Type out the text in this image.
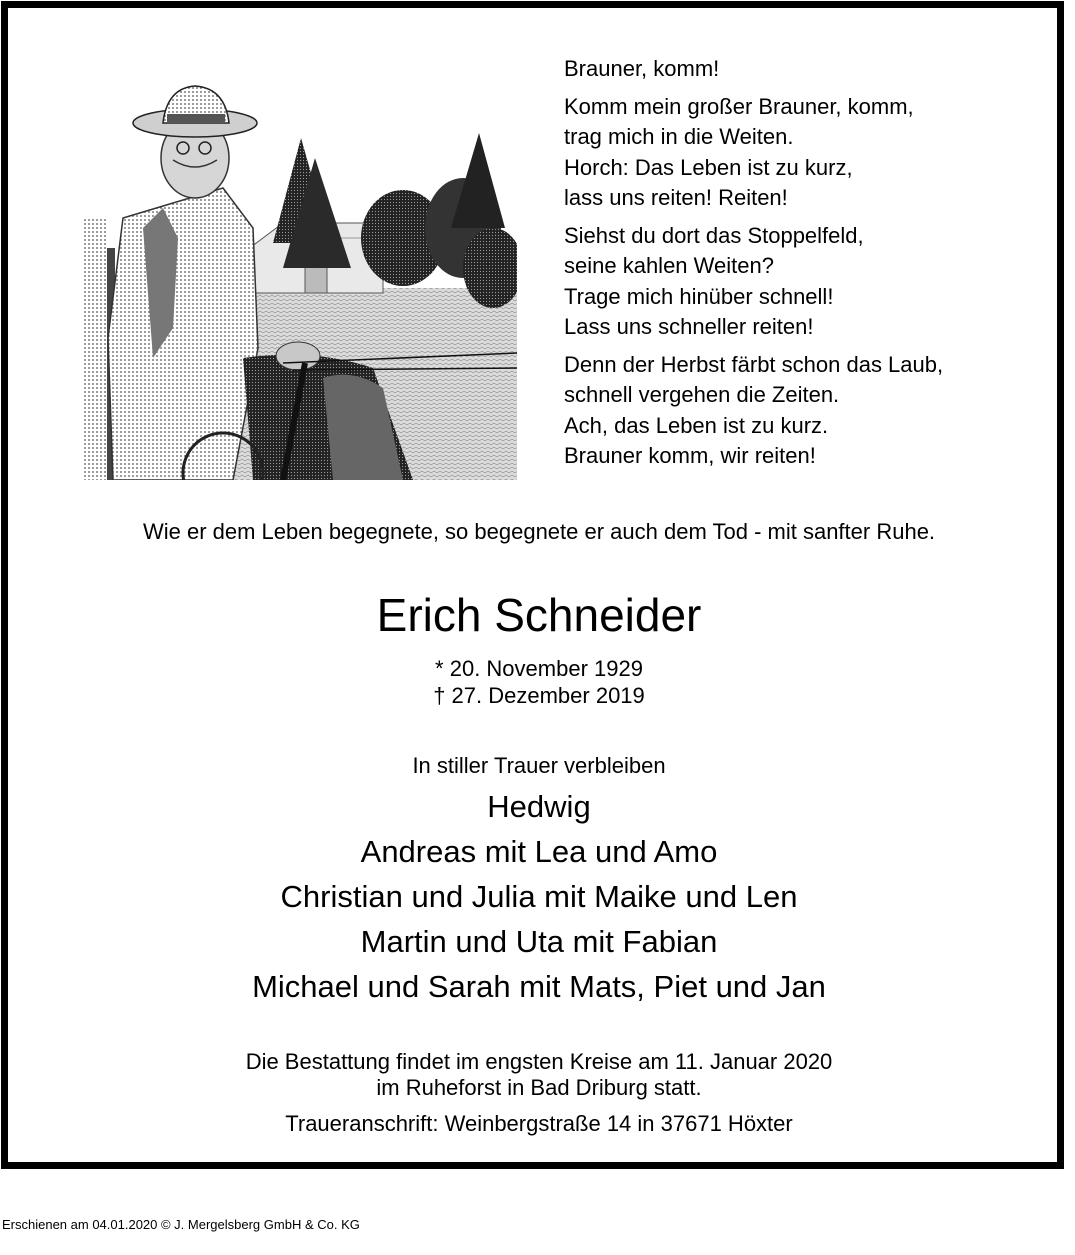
Brauner, komm!
Komm mein großer Brauner, komm,
trag mich in die Weiten.
Horch: Das Leben ist zu kurz,
lass uns reiten! Reiten!
Siehst du dort das Stoppelfeld,
seine kahlen Weiten?
Trage mich hinüber schnell!
Lass uns schneller reiten!
Denn der Herbst färbt schon das Laub,
schnell vergehen die Zeiten.
Ach, das Leben ist zu kurz.
Brauner komm, wir reiten!
Wie er dem Leben begegnete, so begegnete er auch dem Tod - mit sanfter Ruhe.
Erich Schneider
* 20. November 1929
† 27. Dezember 2019
In stiller Trauer verbleiben
Hedwig
Andreas mit Lea und Amo
Christian und Julia mit Maike und Len
Martin und Uta mit Fabian
Michael und Sarah mit Mats, Piet und Jan
Die Bestattung findet im engsten Kreise am 11. Januar 2020
im Ruheforst in Bad Driburg statt.
Traueranschrift: Weinbergstraße 14 in 37671 Höxter
Erschienen am 04.01.2020 © J. Mergelsberg GmbH & Co. KG
